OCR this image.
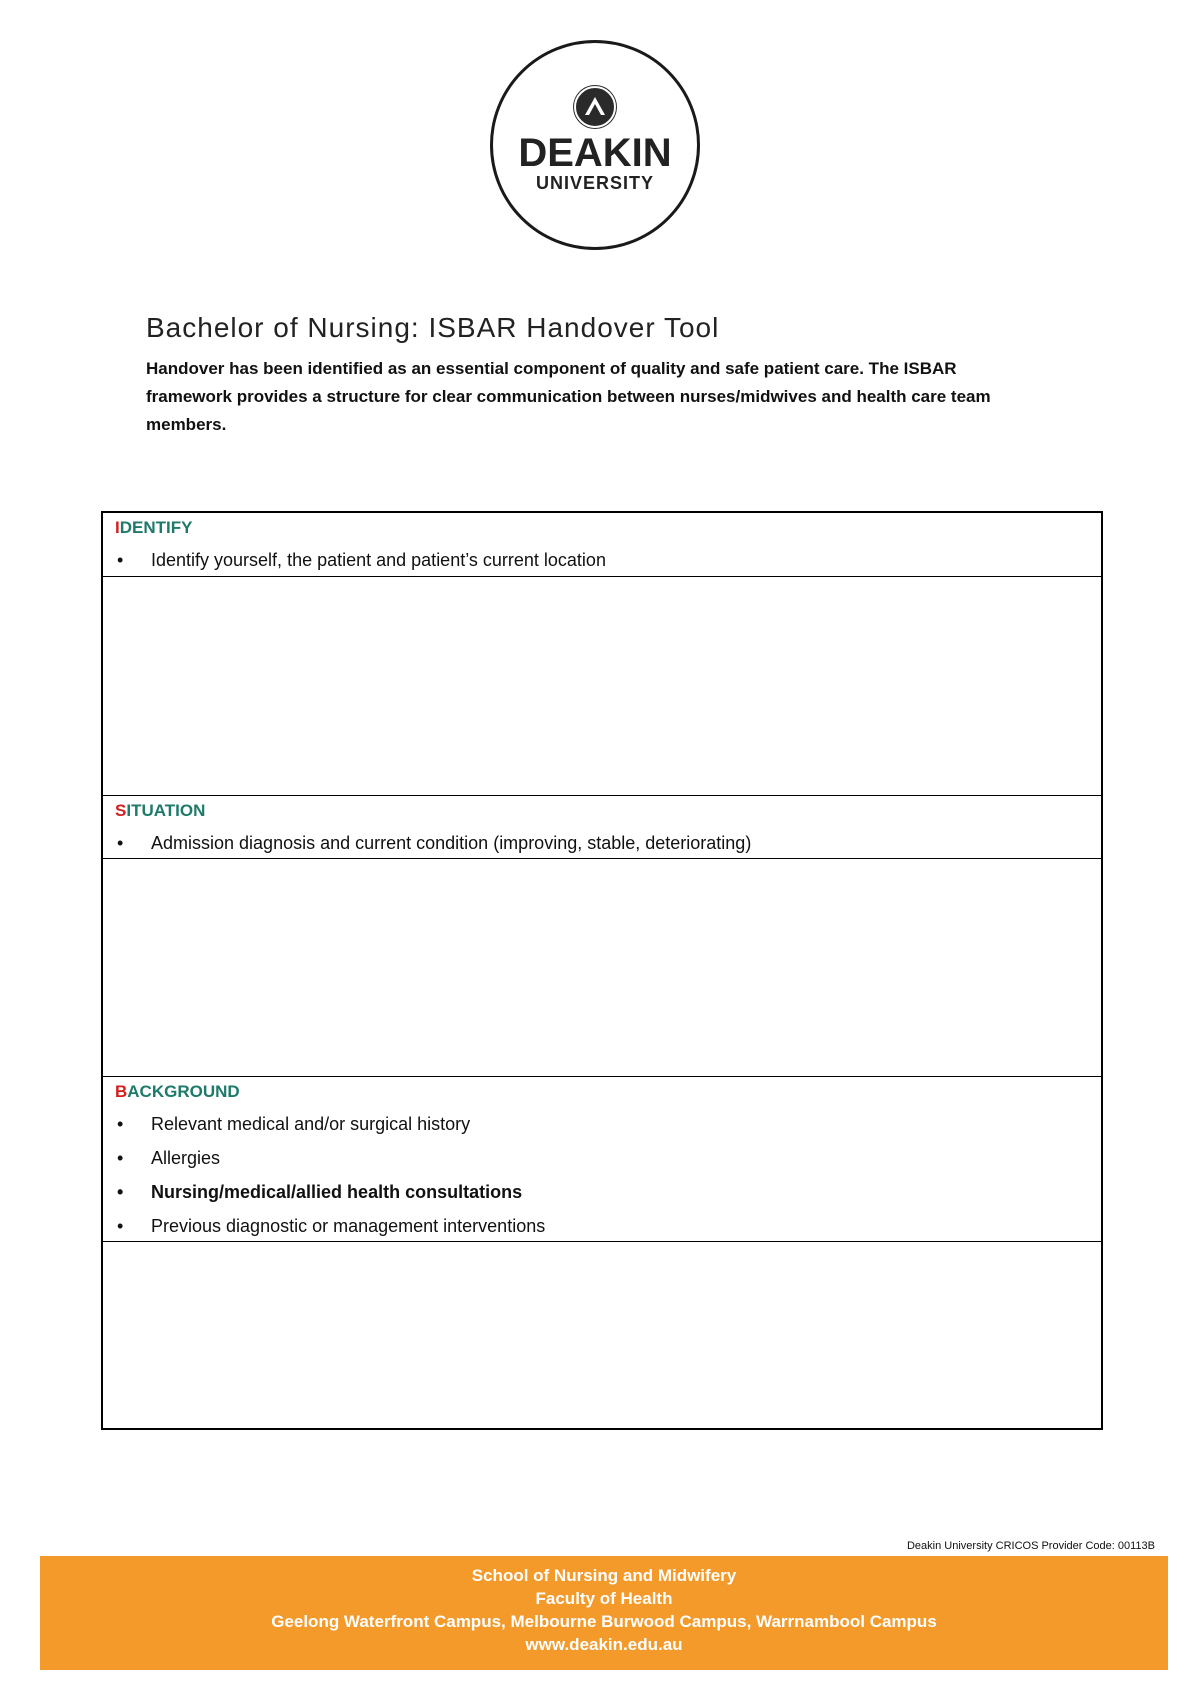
DEAKIN
UNIVERSITY
Bachelor of Nursing: ISBAR Handover Tool

Handover has been identified as an essential component of quality and safe patient care. The ISBAR framework provides a structure for clear communication between nurses/midwives and health care team members.

IDENTIFY
• Identify yourself, the patient and patient’s current location
SITUATION
• Admission diagnosis and current condition (improving, stable, deteriorating)
BACKGROUND
• Relevant medical and/or surgical history
• Allergies
• Nursing/medical/allied health consultations
• Previous diagnostic or management interventions
Deakin University CRICOS Provider Code: 00113B
School of Nursing and Midwifery
Faculty of Health
Geelong Waterfront Campus, Melbourne Burwood Campus, Warrnambool Campus
www.deakin.edu.au
